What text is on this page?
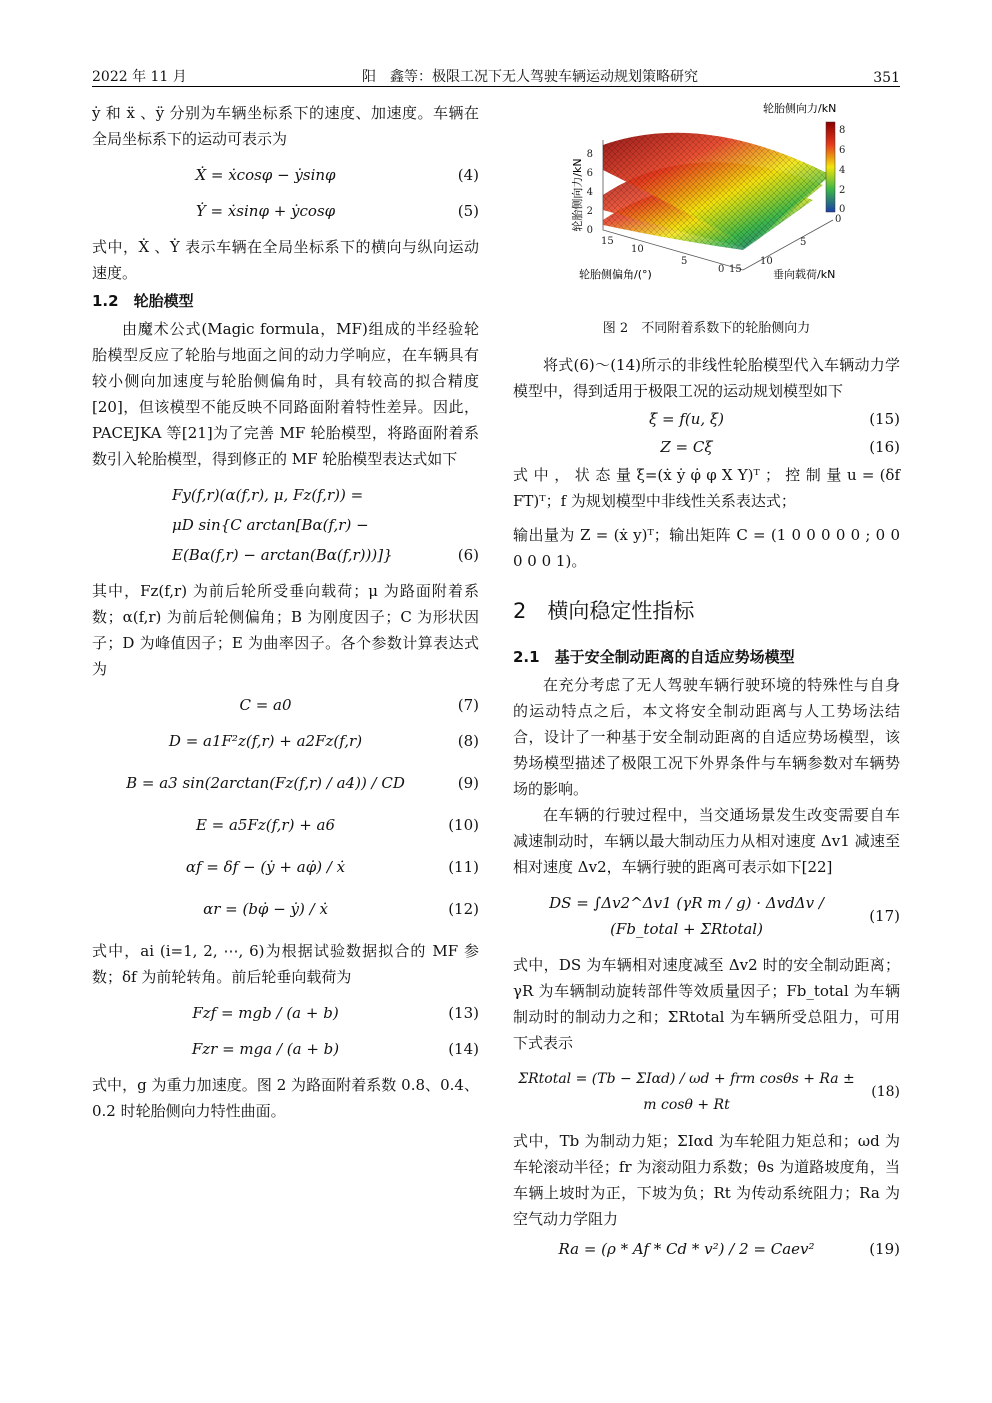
2022 年 11 月	阳　鑫等：极限工况下无人驾驶车辆运动规划策略研究	351

ẏ 和 ẍ 、ÿ 分别为车辆坐标系下的速度、加速度。车辆在全局坐标系下的运动可表示为

Ẋ = ẋcosφ − ẏsinφ	(4)
Ẏ = ẋsinφ + ẏcosφ	(5)

式中，Ẋ 、Ẏ 表示车辆在全局坐标系下的横向与纵向运动速度。

1.2　轮胎模型

由魔术公式(Magic formula，MF)组成的半经验轮胎模型反应了轮胎与地面之间的动力学响应，在车辆具有较小侧向加速度与轮胎侧偏角时，具有较高的拟合精度[20]，但该模型不能反映不同路面附着特性差异。因此，PACEJKA 等[21]为了完善 MF 轮胎模型，将路面附着系数引入轮胎模型，得到修正的 MF 轮胎模型表达式如下

Fy(f,r)(α(f,r), μ, Fz(f,r)) =
μD sin{C arctan[Bα(f,r) −
(6)
E(Bα(f,r) − arctan(Bα(f,r)))]}

其中，Fz(f,r) 为前后轮所受垂向载荷；μ 为路面附着系数；α(f,r) 为前后轮侧偏角；B 为刚度因子；C 为形状因子；D 为峰值因子；E 为曲率因子。各个参数计算表达式为

C = a0	(7)
D = a1F²z(f,r) + a2Fz(f,r)	(8)
B = a3 sin(2arctan(Fz(f,r) / a4)) / CD	(9)
E = a5Fz(f,r) + a6	(10)
αf = δf − (ẏ + aφ̇) / ẋ	(11)
αr = (bφ̇ − ẏ) / ẋ	(12)

式中，ai (i=1, 2, ⋯, 6)为根据试验数据拟合的 MF 参数；δf 为前轮转角。前后轮垂向载荷为

Fzf = mgb / (a + b)	(13)
Fzr = mga / (a + b)	(14)

式中，g 为重力加速度。图 2 为路面附着系数 0.8、0.4、0.2 时轮胎侧向力特性曲面。

8
6
4
2
0
15
10
5
0 15
10
5
0
轮胎侧向力/kN
轮胎侧偏角/(°)	垂向载荷/kN
轮胎侧向力/kN
8
6
4
2
0
图 2　不同附着系数下的轮胎侧向力

将式(6)～(14)所示的非线性轮胎模型代入车辆动力学模型中，得到适用于极限工况的运动规划模型如下

ξ̇ = f(u, ξ)	(15)
Z = Cξ	(16)

式 中 ， 状 态 量 ξ=(ẋ ẏ φ̇ φ X Y)ᵀ ； 控 制 量 u = (δf FT)ᵀ；f 为规划模型中非线性关系表达式；

输出量为 Z = (ẋ y)ᵀ；输出矩阵 C = (1 0 0 0 0 0 ; 0 0 0 0 0 1)。

2　横向稳定性指标
2.1　基于安全制动距离的自适应势场模型

在充分考虑了无人驾驶车辆行驶环境的特殊性与自身的运动特点之后，本文将安全制动距离与人工势场法结合，设计了一种基于安全制动距离的自适应势场模型，该势场模型描述了极限工况下外界条件与车辆参数对车辆势场的影响。

在车辆的行驶过程中，当交通场景发生改变需要自车减速制动时，车辆以最大制动压力从相对速度 Δv1 减速至相对速度 Δv2，车辆行驶的距离可表示如下[22]

DS = ∫Δv2^Δv1 (γR m / g) · ΔvdΔv / (Fb_total + ΣRtotal)
(17)

式中，DS 为车辆相对速度减至 Δv2 时的安全制动距离；γR 为车辆制动旋转部件等效质量因子；Fb_total 为车辆制动时的制动力之和；ΣRtotal 为车辆所受总阻力，可用下式表示

ΣRtotal = (Tb − ΣIαd) / ωd + frm cosθs + Ra ± m cosθ + Rt
(18)

式中，Tb 为制动力矩；ΣIαd 为车轮阻力矩总和；ωd 为车轮滚动半径；fr 为滚动阻力系数；θs 为道路坡度角，当车辆上坡时为正，下坡为负；Rt 为传动系统阻力；Ra 为空气动力学阻力

Ra = (ρ * Af * Cd * v²) / 2 = Caev²	(19)
